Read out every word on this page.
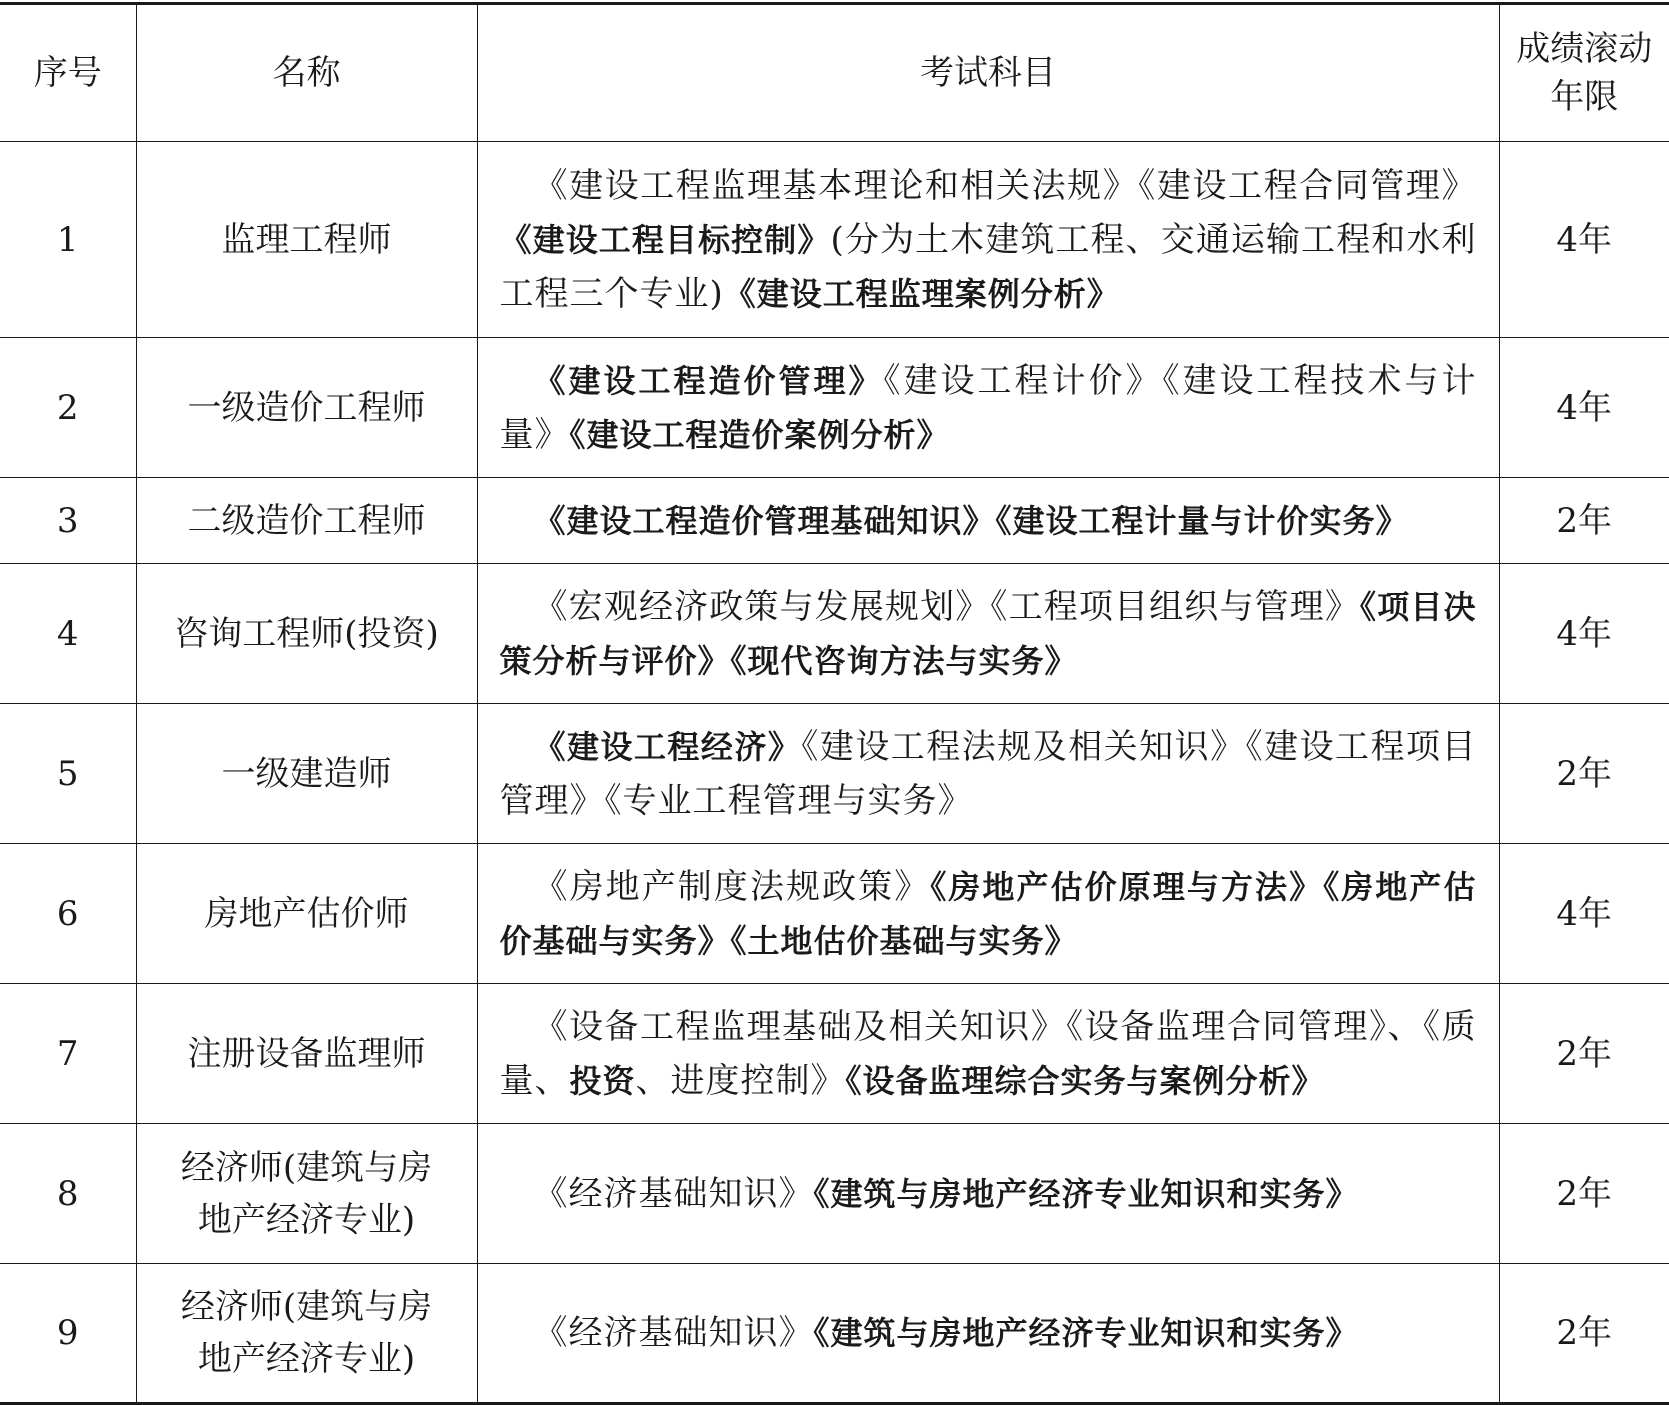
序号	名称	考试科目	成绩滚动年限
1	监理工程师	《建设工程监理基本理论和相关法规》《建设工程合同管理》《建设工程目标控制》(分为土木建筑工程、交通运输工程和水利工程三个专业)《建设工程监理案例分析》	4年
2	一级造价工程师	《建设工程造价管理》《建设工程计价》《建设工程技术与计量》《建设工程造价案例分析》	4年
3	二级造价工程师	《建设工程造价管理基础知识》《建设工程计量与计价实务》	2年
4	咨询工程师(投资)	《宏观经济政策与发展规划》《工程项目组织与管理》《项目决策分析与评价》《现代咨询方法与实务》	4年
5	一级建造师	《建设工程经济》《建设工程法规及相关知识》《建设工程项目管理》《专业工程管理与实务》	2年
6	房地产估价师	《房地产制度法规政策》《房地产估价原理与方法》《房地产估价基础与实务》《土地估价基础与实务》	4年
7	注册设备监理师	《设备工程监理基础及相关知识》《设备监理合同管理》、《质量、投资、进度控制》《设备监理综合实务与案例分析》	2年
8	经济师(建筑与房地产经济专业)	《经济基础知识》《建筑与房地产经济专业知识和实务》	2年
9	经济师(建筑与房地产经济专业)	《经济基础知识》《建筑与房地产经济专业知识和实务》	2年
